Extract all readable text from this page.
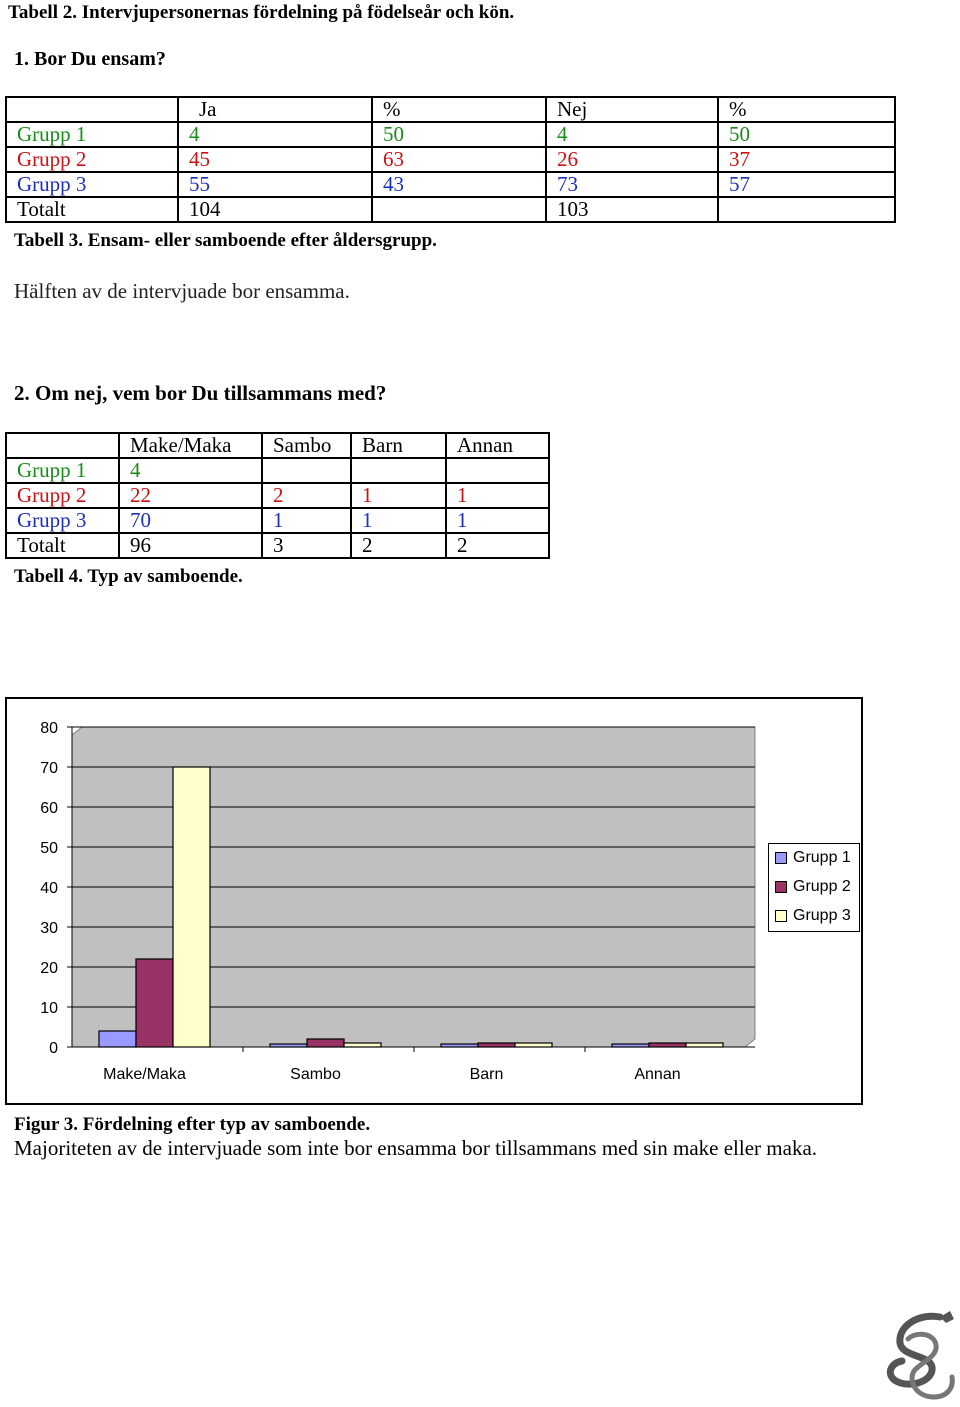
Tabell 2. Intervjupersonernas fördelning på födelseår och kön.
1. Bor Du ensam?
	Ja	%	Nej	%
Grupp 1	4	50	4	50
Grupp 2	45	63	26	37
Grupp 3	55	43	73	57
Totalt	104		103	
Tabell 3. Ensam- eller samboende efter åldersgrupp.
Hälften av de intervjuade bor ensamma.
2. Om nej, vem bor Du tillsammans med?
	Make/Maka	Sambo	Barn	Annan
Grupp 1	4			
Grupp 2	22	2	1	1
Grupp 3	70	1	1	1
Totalt	96	3	2	2
Tabell 4. Typ av samboende.
0
10
20
30
40
50
60
70
80
Make/Maka	Sambo	Barn	Annan
Grupp 1
Grupp 2
Grupp 3
Figur 3. Fördelning efter typ av samboende.
Majoriteten av de intervjuade som inte bor ensamma bor tillsammans med sin make eller maka.
